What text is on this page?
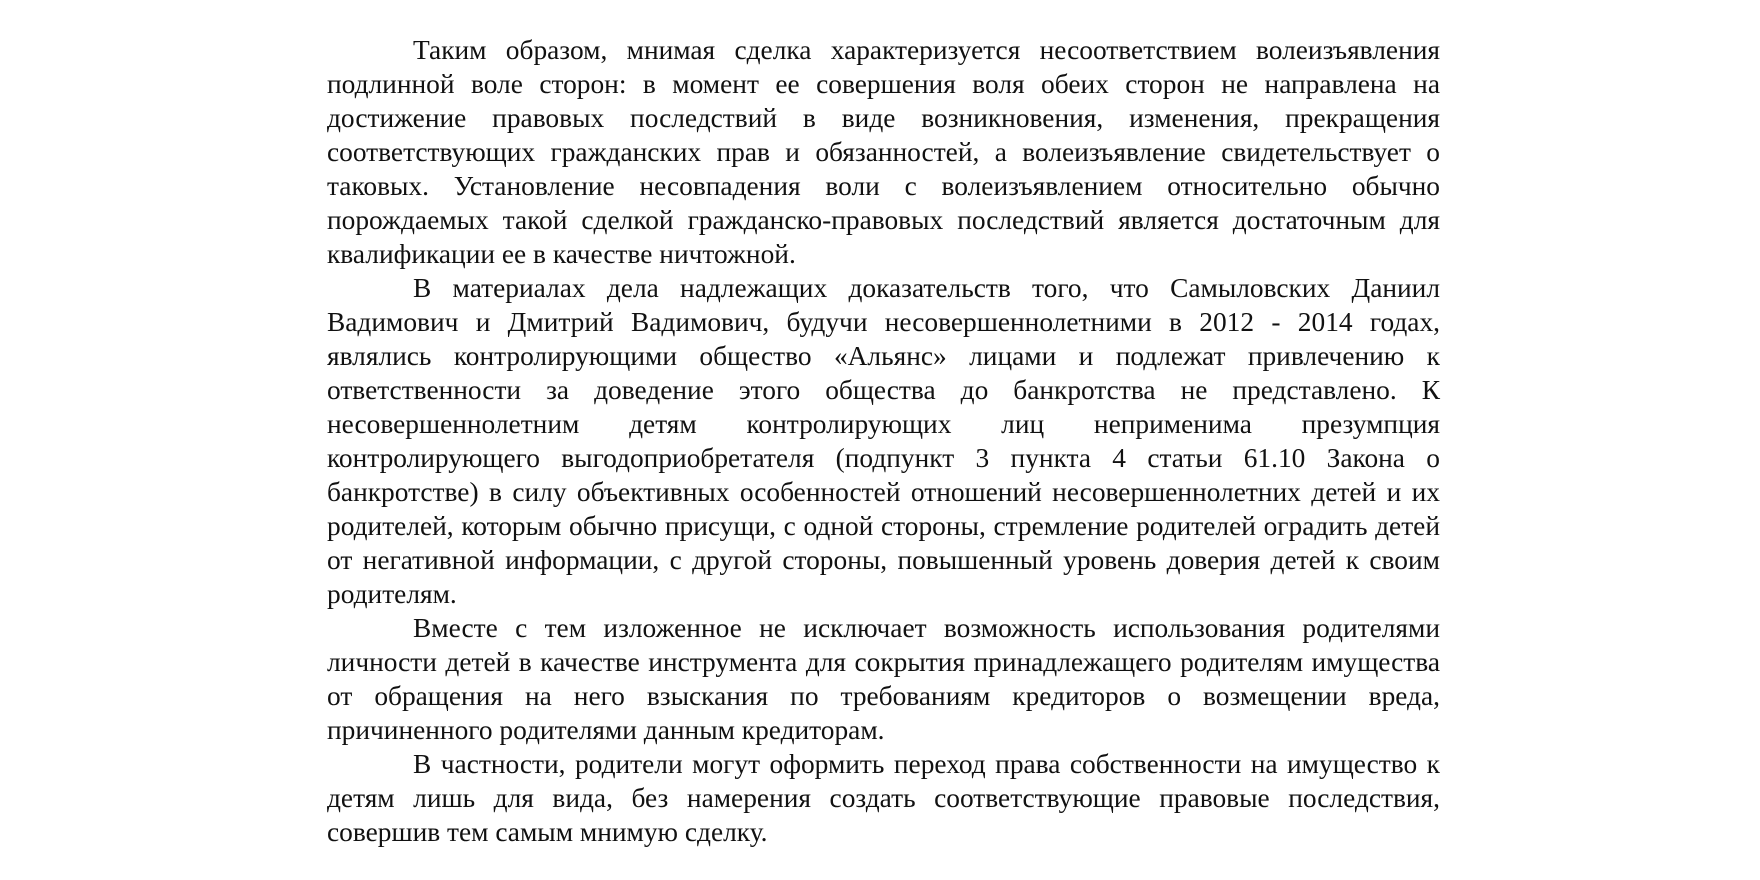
Таким образом, мнимая сделка характеризуется несоответствием волеизъявления подлинной воле сторон: в момент ее совершения воля обеих сторон не направлена на достижение правовых последствий в виде возникновения, изменения, прекращения соответствующих гражданских прав и обязанностей, а волеизъявление свидетельствует о таковых. Установление несовпадения воли с волеизъявлением относительно обычно порождаемых такой сделкой гражданско-правовых последствий является достаточным для квалификации ее в качестве ничтожной.

В материалах дела надлежащих доказательств того, что Самыловских Даниил Вадимович и Дмитрий Вадимович, будучи несовершеннолетними в 2012 - 2014 годах, являлись контролирующими общество «Альянс» лицами и подлежат привлечению к ответственности за доведение этого общества до банкротства не представлено. К несовершеннолетним детям контролирующих лиц неприменима презумпция контролирующего выгодоприобретателя (подпункт 3 пункта 4 статьи 61.10 Закона о банкротстве) в силу объективных особенностей отношений несовершеннолетних детей и их родителей, которым обычно присущи, с одной стороны, стремление родителей оградить детей от негативной информации, с другой стороны, повышенный уровень доверия детей к своим родителям.

Вместе с тем изложенное не исключает возможность использования родителями личности детей в качестве инструмента для сокрытия принадлежащего родителям имущества от обращения на него взыскания по требованиям кредиторов о возмещении вреда, причиненного родителями данным кредиторам.

В частности, родители могут оформить переход права собственности на имущество к детям лишь для вида, без намерения создать соответствующие правовые последствия, совершив тем самым мнимую сделку.
